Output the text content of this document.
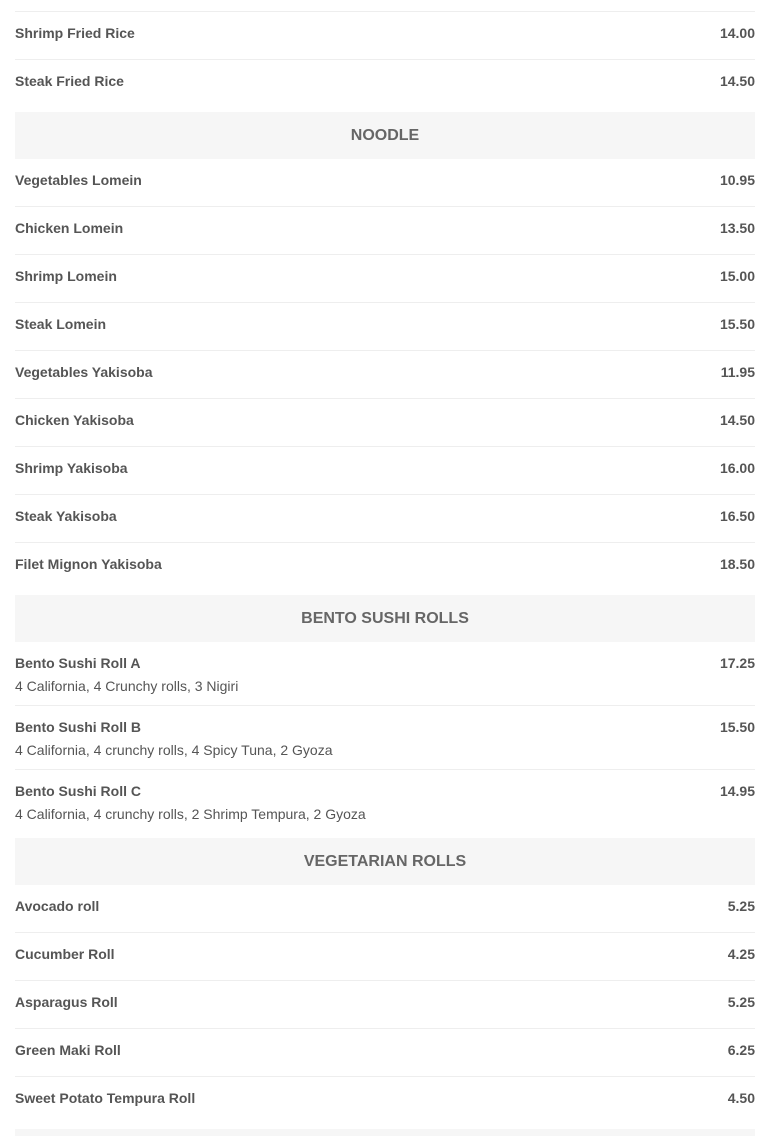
Shrimp Fried Rice	14.00
Steak Fried Rice	14.50
NOODLE
Vegetables Lomein	10.95
Chicken Lomein	13.50
Shrimp Lomein	15.00
Steak Lomein	15.50
Vegetables Yakisoba	11.95
Chicken Yakisoba	14.50
Shrimp Yakisoba	16.00
Steak Yakisoba	16.50
Filet Mignon Yakisoba	18.50
BENTO SUSHI ROLLS
Bento Sushi Roll A	17.25
4 California, 4 Crunchy rolls, 3 Nigiri
Bento Sushi Roll B	15.50
4 California, 4 crunchy rolls, 4 Spicy Tuna, 2 Gyoza
Bento Sushi Roll C	14.95
4 California, 4 crunchy rolls, 2 Shrimp Tempura, 2 Gyoza
VEGETARIAN ROLLS
Avocado roll	5.25
Cucumber Roll	4.25
Asparagus Roll	5.25
Green Maki Roll	6.25
Sweet Potato Tempura Roll	4.50
